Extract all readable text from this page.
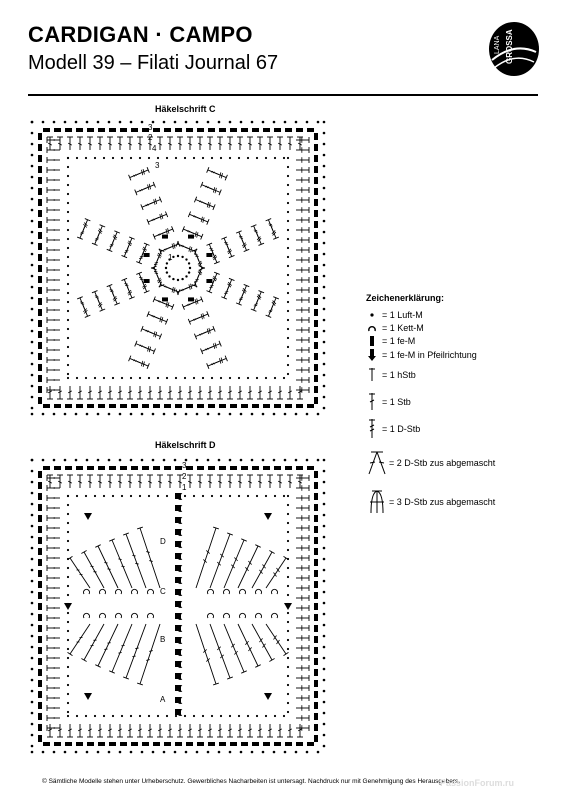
CARDIGAN · CAMPO
Modell 39 – Filati Journal 67
LANA GROSSA
Häkelschrift C
3
2
1
4
3
Häkelschrift D
3
2
1
D
C
B
A
Zeichenerklärung:
= 1 Luft-M
= 1 Kett-M
= 1 fe-M
= 1 fe-M in Pfeilrichtung
= 1 hStb
= 1 Stb
= 1 D-Stb
= 2 D-Stb zus abgemascht
= 3 D-Stb zus abgemascht
© Sämtliche Modelle stehen unter Urheberschutz. Gewerbliches Nacharbeiten ist untersagt. Nachdruck nur mit Genehmigung des Herausgebers.
PassionForum.ru
